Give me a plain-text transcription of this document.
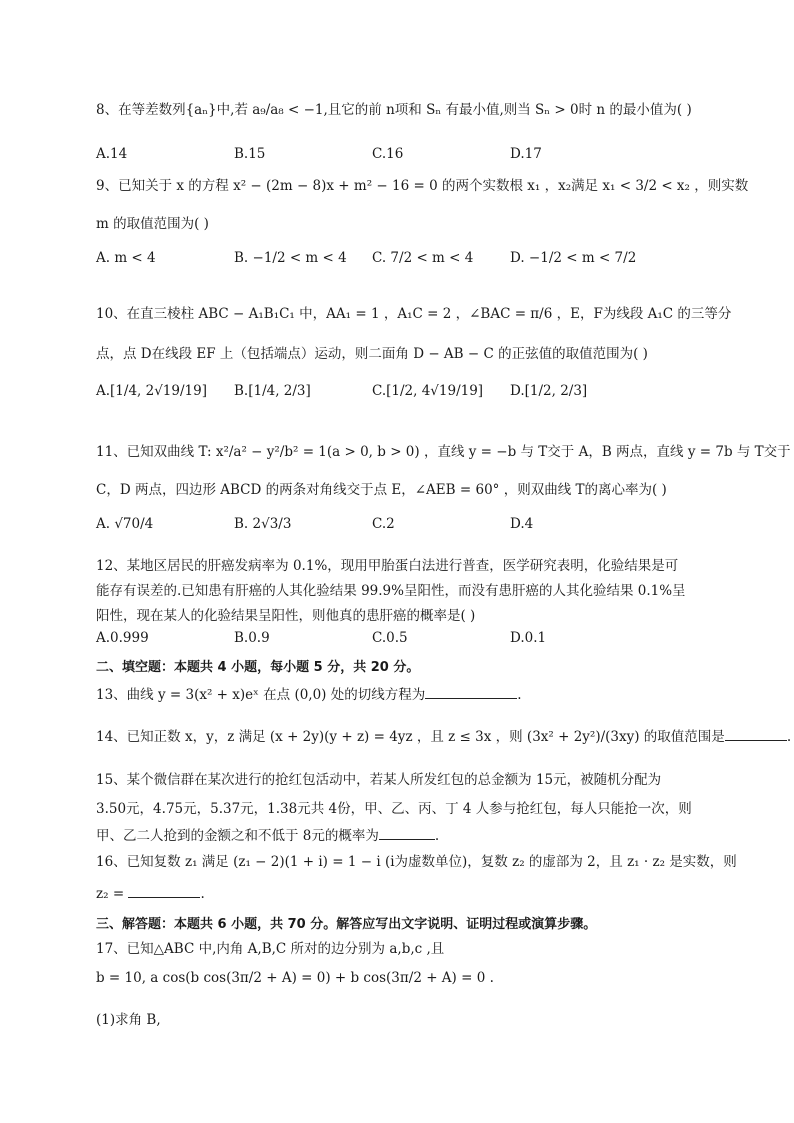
8、在等差数列{aₙ}中,若 a₉/a₈ < −1,且它的前 n项和 Sₙ 有最小值,则当 Sₙ > 0时 n 的最小值为( )
A.14	B.15	C.16	D.17
9、已知关于 x 的方程 x² − (2m − 8)x + m² − 16 = 0 的两个实数根 x₁ ，x₂满足 x₁ < 3/2 < x₂ ，则实数
m 的取值范围为( )
A. m < 4	B. −1/2 < m < 4 C. 7/2 < m < 4	D. −1/2 < m < 7/2
10、在直三棱柱 ABC − A₁B₁C₁ 中，AA₁ = 1 ，A₁C = 2 ，∠BAC = π/6 ，E，F为线段 A₁C 的三等分
点，点 D在线段 EF 上（包括端点）运动，则二面角 D − AB − C 的正弦值的取值范围为( )
A.[1/4, 2√19/19] B.[1/4, 2/3]	C.[1/2, 4√19/19] D.[1/2, 2/3]
11、已知双曲线 T: x²/a² − y²/b² = 1(a > 0, b > 0) ，直线 y = −b 与 T交于 A，B 两点，直线 y = 7b 与 T交于
C，D 两点，四边形 ABCD 的两条对角线交于点 E，∠AEB = 60° ，则双曲线 T的离心率为( )
A. √70/4	B. 2√3/3	C.2	D.4
12、某地区居民的肝癌发病率为 0.1%，现用甲胎蛋白法进行普查，医学研究表明，化验结果是可
能存有误差的.已知患有肝癌的人其化验结果 99.9%呈阳性，而没有患肝癌的人其化验结果 0.1%呈
阳性，现在某人的化验结果呈阳性，则他真的患肝癌的概率是( )
A.0.999	B.0.9	C.0.5	D.0.1
二、填空题：本题共 4 小题，每小题 5 分，共 20 分。
13、曲线 y = 3(x² + x)eˣ 在点 (0,0) 处的切线方程为	.
14、已知正数 x，y，z 满足 (x + 2y)(y + z) = 4yz ，且 z ≤ 3x ，则 (3x² + 2y²)/(3xy) 的取值范围是	.
15、某个微信群在某次进行的抢红包活动中，若某人所发红包的总金额为 15元，被随机分配为
3.50元，4.75元，5.37元，1.38元共 4份，甲、乙、丙、丁 4 人参与抢红包，每人只能抢一次，则
甲、乙二人抢到的金额之和不低于 8元的概率为	.
16、已知复数 z₁ 满足 (z₁ − 2)(1 + i) = 1 − i (i为虚数单位)，复数 z₂ 的虚部为 2，且 z₁ · z₂ 是实数，则
z₂ =	.
三、解答题：本题共 6 小题，共 70 分。解答应写出文字说明、证明过程或演算步骤。
17、已知△ABC 中,内角 A,B,C 所对的边分别为 a,b,c ,且
b = 10, a cos(b cos(3π/2 + A) = 0) + b cos(3π/2 + A) = 0 .
(1)求角 B,
